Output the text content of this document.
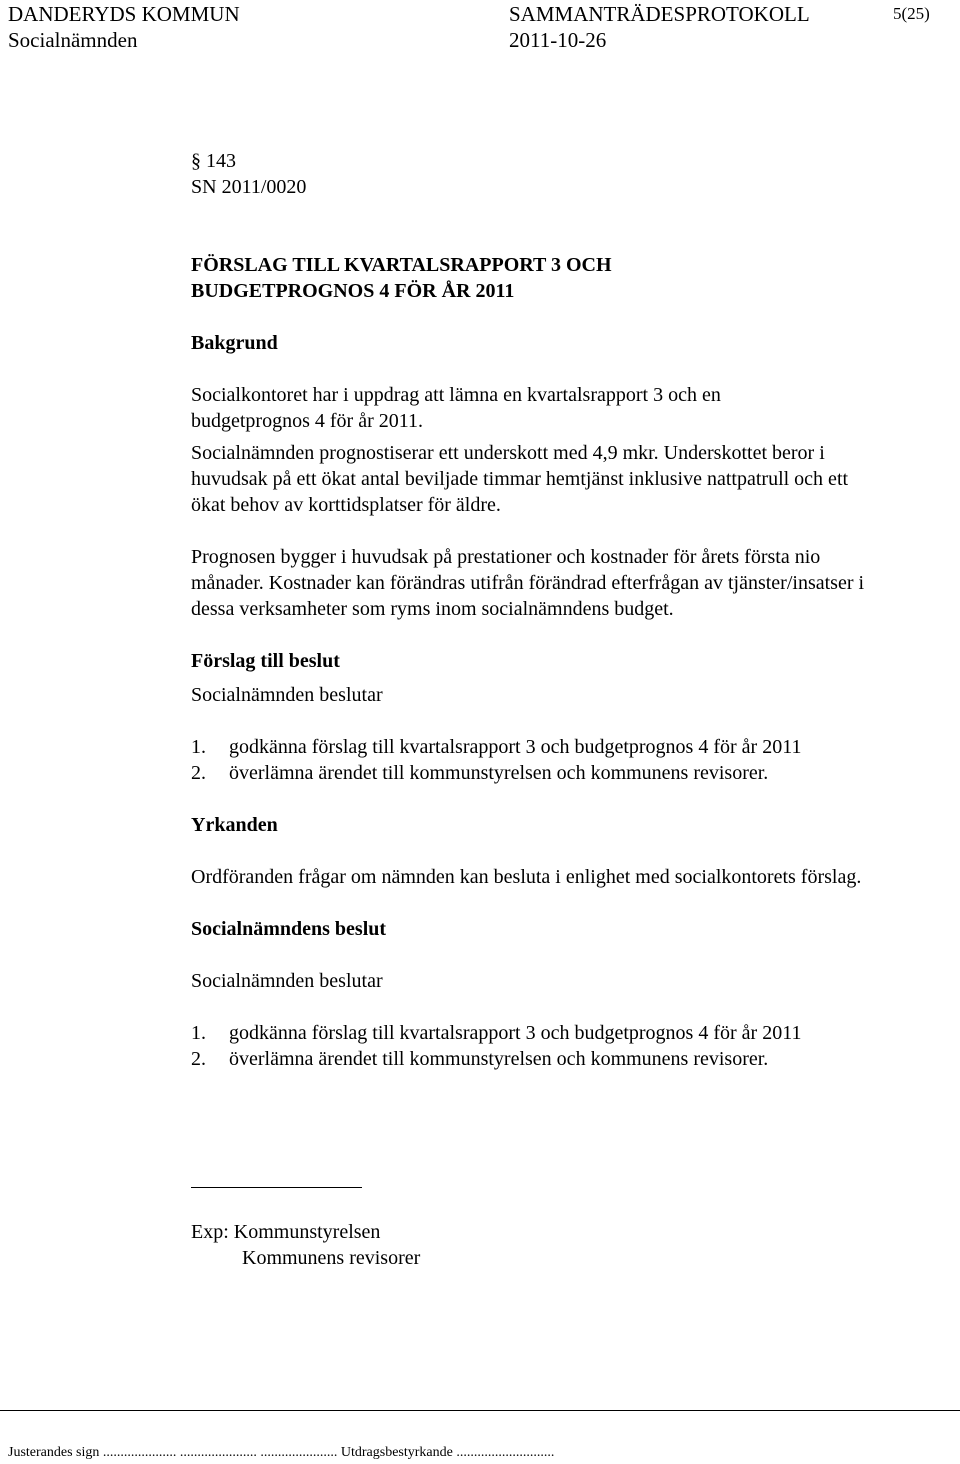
DANDERYDS KOMMUN	SAMMANTRÄDESPROTOKOLL	5(25)
Socialnämnden	2011-10-26

§ 143

SN 2011/0020

FÖRSLAG TILL KVARTALSRAPPORT 3 OCH

BUDGETPROGNOS 4 FÖR ÅR 2011

Bakgrund

Socialkontoret har i uppdrag att lämna en kvartalsrapport 3 och en budgetprognos 4 för år 2011.

Socialnämnden prognostiserar ett underskott med 4,9 mkr. Underskottet beror i huvudsak på ett ökat antal beviljade timmar hemtjänst inklusive nattpatrull och ett ökat behov av korttidsplatser för äldre.

Prognosen bygger i huvudsak på prestationer och kostnader för årets första nio månader. Kostnader kan förändras utifrån förändrad efterfrågan av tjänster/insatser i dessa verksamheter som ryms inom socialnämndens budget.

Förslag till beslut

Socialnämnden beslutar

1.	godkänna förslag till kvartalsrapport 3 och budgetprognos 4 för år 2011
2.	överlämna ärendet till kommunstyrelsen och kommunens revisorer.

Yrkanden

Ordföranden frågar om nämnden kan besluta i enlighet med socialkontorets förslag.

Socialnämndens beslut

Socialnämnden beslutar

1.	godkänna förslag till kvartalsrapport 3 och budgetprognos 4 för år 2011
2.	överlämna ärendet till kommunstyrelsen och kommunens revisorer.
Exp: Kommunstyrelsen
Kommunens revisorer
Justerandes sign ..................... ...................... ...................... Utdragsbestyrkande ............................
